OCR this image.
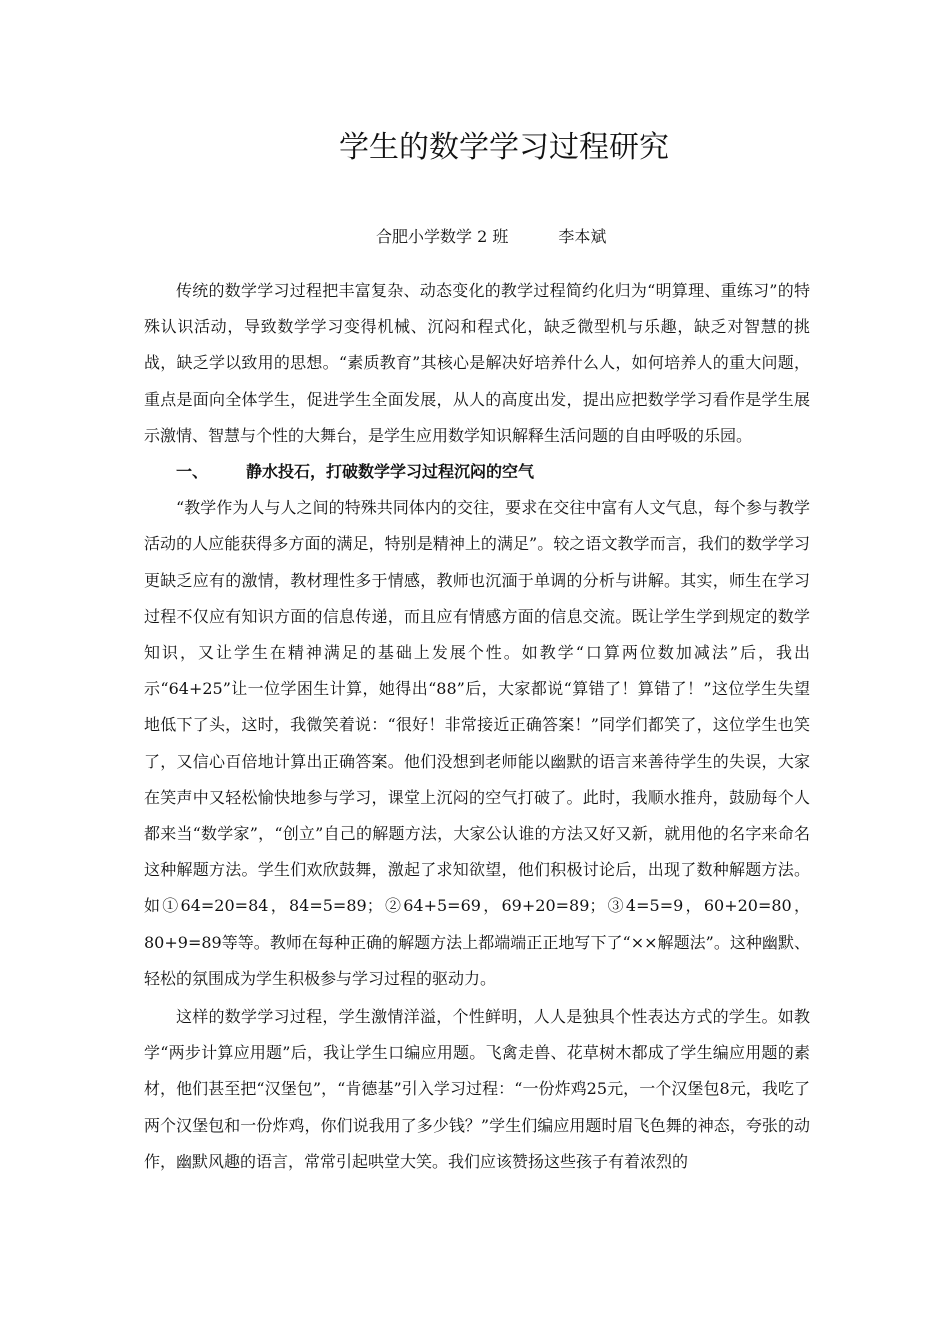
学生的数学学习过程研究
合肥小学数学 2 班	李本斌

传统的数学学习过程把丰富复杂、动态变化的教学过程简约化归为“明算理、重练习”的特殊认识活动，导致数学学习变得机械、沉闷和程式化，缺乏微型机与乐趣，缺乏对智慧的挑战，缺乏学以致用的思想。“素质教育”其核心是解决好培养什么人，如何培养人的重大问题，重点是面向全体学生，促进学生全面发展，从人的高度出发，提出应把数学学习看作是学生展示激情、智慧与个性的大舞台，是学生应用数学知识解释生活问题的自由呼吸的乐园。

一、 静水投石，打破数学学习过程沉闷的空气

“教学作为人与人之间的特殊共同体内的交往，要求在交往中富有人文气息，每个参与教学活动的人应能获得多方面的满足，特别是精神上的满足”。较之语文教学而言，我们的数学学习更缺乏应有的激情，教材理性多于情感，教师也沉湎于单调的分析与讲解。其实，师生在学习过程不仅应有知识方面的信息传递，而且应有情感方面的信息交流。既让学生学到规定的数学知识，又让学生在精神满足的基础上发展个性。如教学“口算两位数加减法”后，我出示“64+25”让一位学困生计算，她得出“88”后，大家都说“算错了！算错了！”这位学生失望地低下了头，这时，我微笑着说：“很好！非常接近正确答案！”同学们都笑了，这位学生也笑了，又信心百倍地计算出正确答案。他们没想到老师能以幽默的语言来善待学生的失误，大家在笑声中又轻松愉快地参与学习，课堂上沉闷的空气打破了。此时，我顺水推舟，鼓励每个人都来当“数学家”，“创立”自己的解题方法，大家公认谁的方法又好又新，就用他的名字来命名这种解题方法。学生们欢欣鼓舞，激起了求知欲望，他们积极讨论后，出现了数种解题方法。如①64=20=84，84=5=89；②64+5=69，69+20=89；③4=5=9，60+20=80，80+9=89等等。教师在每种正确的解题方法上都端端正正地写下了“××解题法”。这种幽默、轻松的氛围成为学生积极参与学习过程的驱动力。

这样的数学学习过程，学生激情洋溢，个性鲜明，人人是独具个性表达方式的学生。如教学“两步计算应用题”后，我让学生口编应用题。飞禽走兽、花草树木都成了学生编应用题的素材，他们甚至把“汉堡包”，“肯德基”引入学习过程：“一份炸鸡25元，一个汉堡包8元，我吃了两个汉堡包和一份炸鸡，你们说我用了多少钱？”学生们编应用题时眉飞色舞的神态，夸张的动作，幽默风趣的语言，常常引起哄堂大笑。我们应该赞扬这些孩子有着浓烈的
